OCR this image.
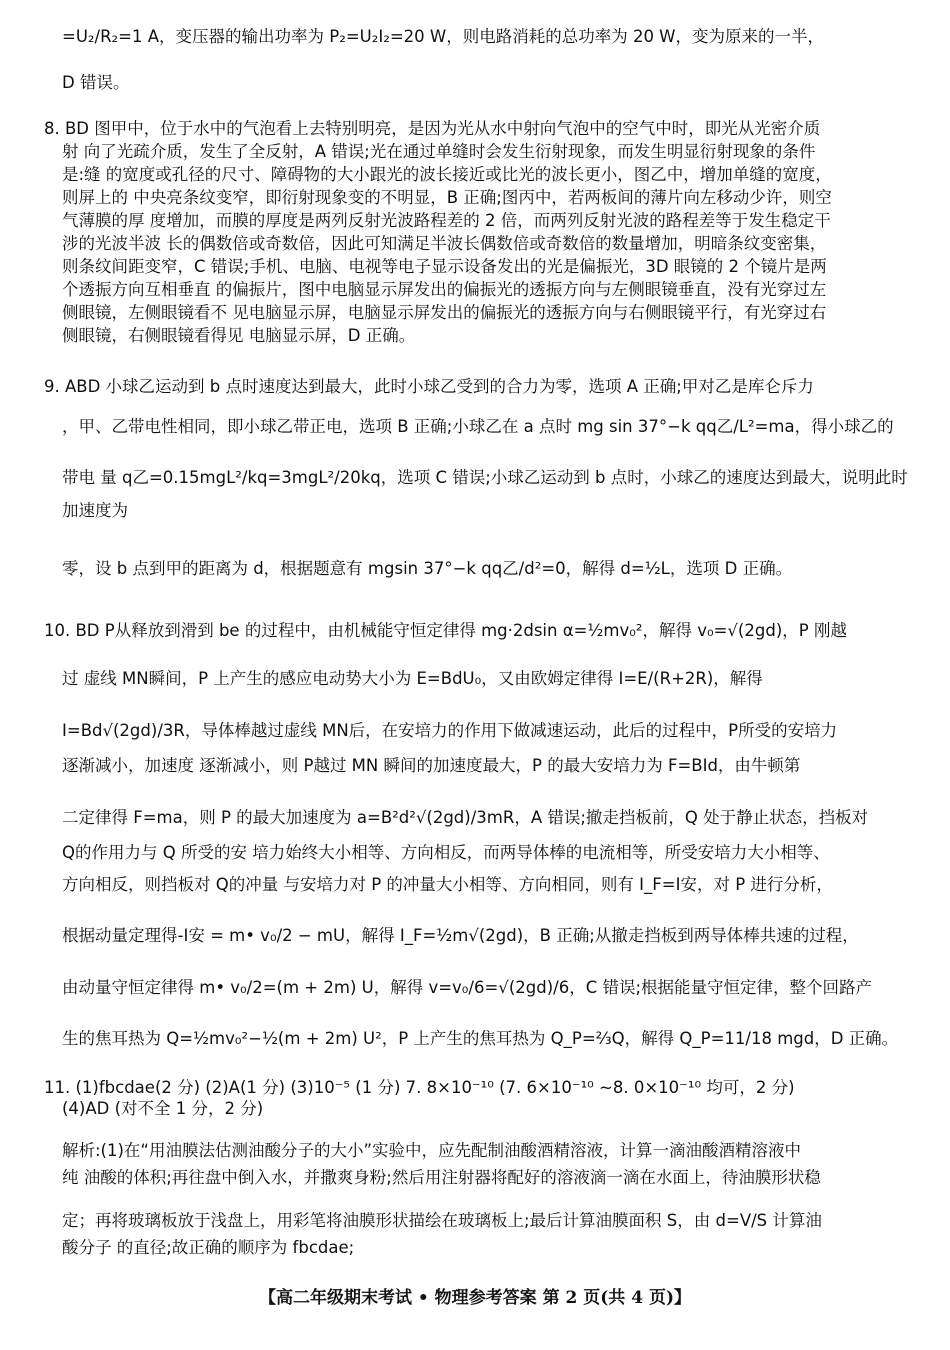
=U₂/R₂=1 A，变压器的输出功率为 P₂=U₂I₂=20 W，则电路消耗的总功率为 20 W，变为原来的一半，
D 错误。
8. BD 图甲中，位于水中的气泡看上去特别明亮，是因为光从水中射向气泡中的空气中时，即光从光密介质
射 向了光疏介质，发生了全反射，A 错误;光在通过单缝时会发生衍射现象，而发生明显衍射现象的条件
是:缝 的宽度或孔径的尺寸、障碍物的大小跟光的波长接近或比光的波长更小，图乙中，增加单缝的宽度，
则屏上的 中央亮条纹变窄，即衍射现象变的不明显，B 正确;图丙中，若两板间的薄片向左移动少许，则空
气薄膜的厚 度增加，而膜的厚度是两列反射光波路程差的 2 倍，而两列反射光波的路程差等于发生稳定干
涉的光波半波 长的偶数倍或奇数倍，因此可知满足半波长偶数倍或奇数倍的数量增加，明暗条纹变密集，
则条纹间距变窄，C 错误;手机、电脑、电视等电子显示设备发出的光是偏振光，3D 眼镜的 2 个镜片是两
个透振方向互相垂直 的偏振片，图中电脑显示屏发出的偏振光的透振方向与左侧眼镜垂直，没有光穿过左
侧眼镜，左侧眼镜看不 见电脑显示屏，电脑显示屏发出的偏振光的透振方向与右侧眼镜平行，有光穿过右
侧眼镜，右侧眼镜看得见 电脑显示屏，D 正确。
9. ABD 小球乙运动到 b 点时速度达到最大，此时小球乙受到的合力为零，选项 A 正确;甲对乙是库仑斥力
，甲、乙带电性相同，即小球乙带正电，选项 B 正确;小球乙在 a 点时 mg sin 37°−k qq乙/L²=ma，得小球乙的
带电 量 q乙=0.15mgL²/kq=3mgL²/20kq，选项 C 错误;小球乙运动到 b 点时，小球乙的速度达到最大，说明此时
加速度为
零，设 b 点到甲的距离为 d，根据题意有 mgsin 37°−k qq乙/d²=0，解得 d=½L，选项 D 正确。
10. BD P从释放到滑到 be 的过程中，由机械能守恒定律得 mg·2dsin α=½mv₀²，解得 v₀=√(2gd)，P 刚越
过 虚线 MN瞬间，P 上产生的感应电动势大小为 E=BdU₀，又由欧姆定律得 I=E/(R+2R)，解得
I=Bd√(2gd)/3R，导体棒越过虚线 MN后，在安培力的作用下做减速运动，此后的过程中，P所受的安培力
逐渐减小，加速度 逐渐减小，则 P越过 MN 瞬间的加速度最大，P 的最大安培力为 F=BId，由牛顿第
二定律得 F=ma，则 P 的最大加速度为 a=B²d²√(2gd)/3mR，A 错误;撤走挡板前，Q 处于静止状态，挡板对
Q的作用力与 Q 所受的安 培力始终大小相等、方向相反，而两导体棒的电流相等，所受安培力大小相等、
方向相反，则挡板对 Q的冲量 与安培力对 P 的冲量大小相等、方向相同，则有 I_F=I安，对 P 进行分析，
根据动量定理得-I安 = m• v₀/2 − mU，解得 I_F=½m√(2gd)，B 正确;从撤走挡板到两导体棒共速的过程，
由动量守恒定律得 m• v₀/2=(m + 2m) U，解得 v=v₀/6=√(2gd)/6，C 错误;根据能量守恒定律，整个回路产
生的焦耳热为 Q=½mv₀²−½(m + 2m) U²，P 上产生的焦耳热为 Q_P=⅔Q，解得 Q_P=11/18 mgd，D 正确。
11. (1)fbcdae(2 分) (2)A(1 分) (3)10⁻⁵ (1 分) 7. 8×10⁻¹⁰ (7. 6×10⁻¹⁰ ~8. 0×10⁻¹⁰ 均可，2 分)
(4)AD (对不全 1 分，2 分)
解析:(1)在“用油膜法估测油酸分子的大小”实验中，应先配制油酸酒精溶液，计算一滴油酸酒精溶液中
纯 油酸的体积;再往盘中倒入水，并撒爽身粉;然后用注射器将配好的溶液滴一滴在水面上，待油膜形状稳
定；再将玻璃板放于浅盘上，用彩笔将油膜形状描绘在玻璃板上;最后计算油膜面积 S，由 d=V/S 计算油
酸分子 的直径;故正确的顺序为 fbcdae;
【高二年级期末考试 • 物理参考答案 第 2 页(共 4 页)】
